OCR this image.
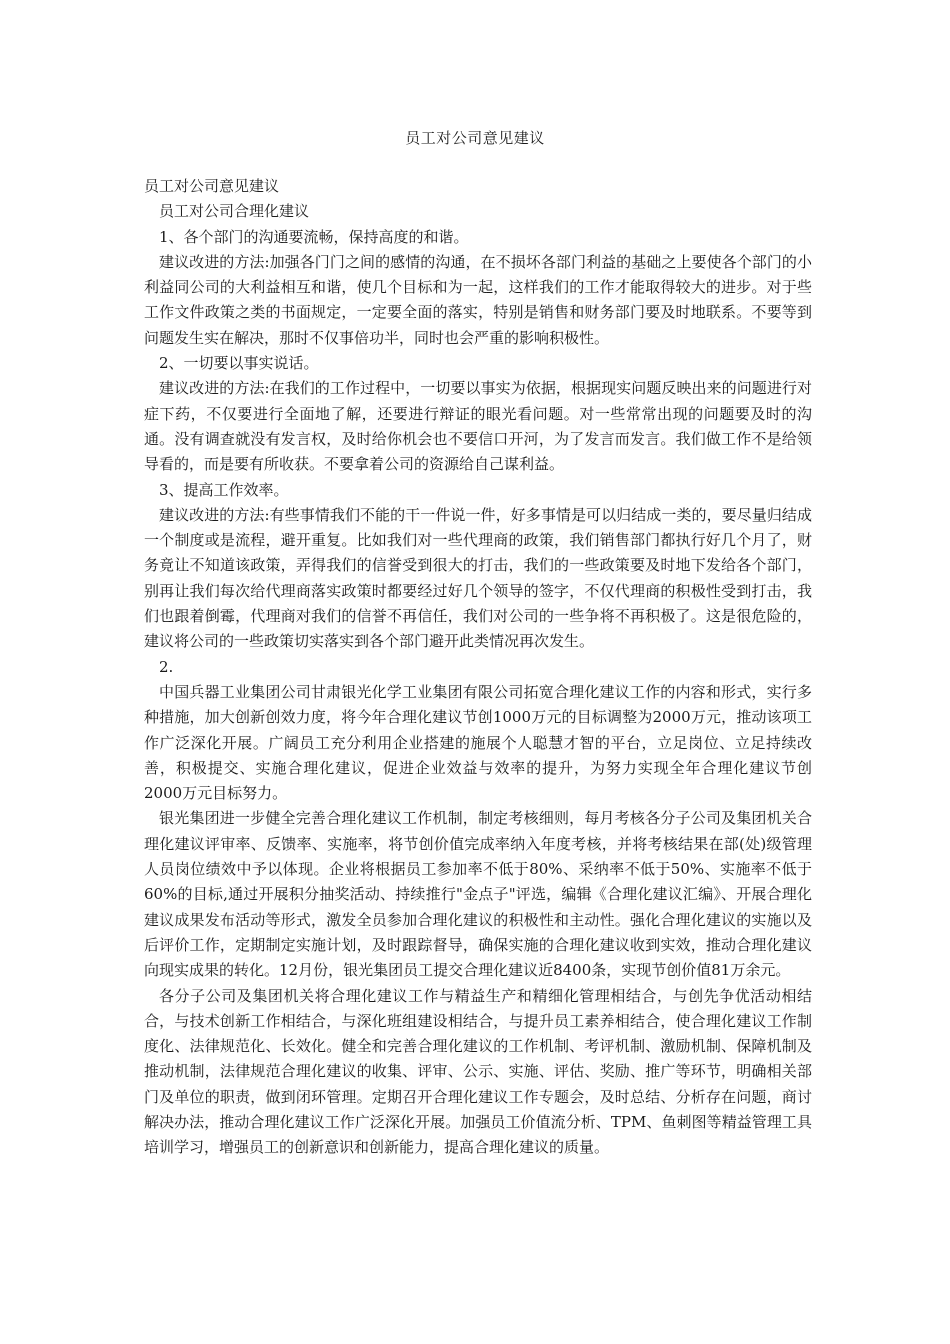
员工对公司意见建议

员工对公司意见建议

员工对公司合理化建议

1、各个部门的沟通要流畅，保持高度的和谐。

建议改进的方法:加强各门门之间的感情的沟通，在不损坏各部门利益的基础之上要使各个部门的小利益同公司的大利益相互和谐，使几个目标和为一起，这样我们的工作才能取得较大的进步。对于些工作文件政策之类的书面规定，一定要全面的落实，特别是销售和财务部门要及时地联系。不要等到问题发生实在解决，那时不仅事倍功半，同时也会严重的影响积极性。

2、一切要以事实说话。

建议改进的方法:在我们的工作过程中，一切要以事实为依据，根据现实问题反映出来的问题进行对症下药，不仅要进行全面地了解，还要进行辩证的眼光看问题。对一些常常出现的问题要及时的沟通。没有调查就没有发言权，及时给你机会也不要信口开河，为了发言而发言。我们做工作不是给领导看的，而是要有所收获。不要拿着公司的资源给自己谋利益。

3、提高工作效率。

建议改进的方法:有些事情我们不能的干一件说一件，好多事情是可以归结成一类的，要尽量归结成一个制度或是流程，避开重复。比如我们对一些代理商的政策，我们销售部门都执行好几个月了，财务竟让不知道该政策，弄得我们的信誉受到很大的打击，我们的一些政策要及时地下发给各个部门，别再让我们每次给代理商落实政策时都要经过好几个领导的签字，不仅代理商的积极性受到打击，我们也跟着倒霉，代理商对我们的信誉不再信任，我们对公司的一些争将不再积极了。这是很危险的，建议将公司的一些政策切实落实到各个部门避开此类情况再次发生。

2.

中国兵器工业集团公司甘肃银光化学工业集团有限公司拓宽合理化建议工作的内容和形式，实行多种措施，加大创新创效力度，将今年合理化建议节创1000万元的目标调整为2000万元，推动该项工作广泛深化开展。广阔员工充分利用企业搭建的施展个人聪慧才智的平台，立足岗位、立足持续改善，积极提交、实施合理化建议，促进企业效益与效率的提升，为努力实现全年合理化建议节创2000万元目标努力。

银光集团进一步健全完善合理化建议工作机制，制定考核细则，每月考核各分子公司及集团机关合理化建议评审率、反馈率、实施率，将节创价值完成率纳入年度考核，并将考核结果在部(处)级管理人员岗位绩效中予以体现。企业将根据员工参加率不低于80%、采纳率不低于50%、实施率不低于60%的目标,通过开展积分抽奖活动、持续推行"金点子"评选，编辑《合理化建议汇编》、开展合理化建议成果发布活动等形式，激发全员参加合理化建议的积极性和主动性。强化合理化建议的实施以及后评价工作，定期制定实施计划，及时跟踪督导，确保实施的合理化建议收到实效，推动合理化建议向现实成果的转化。12月份，银光集团员工提交合理化建议近8400条，实现节创价值81万余元。

各分子公司及集团机关将合理化建议工作与精益生产和精细化管理相结合，与创先争优活动相结合，与技术创新工作相结合，与深化班组建设相结合，与提升员工素养相结合，使合理化建议工作制度化、法律规范化、长效化。健全和完善合理化建议的工作机制、考评机制、激励机制、保障机制及推动机制，法律规范合理化建议的收集、评审、公示、实施、评估、奖励、推广等环节，明确相关部门及单位的职责，做到闭环管理。定期召开合理化建议工作专题会，及时总结、分析存在问题，商讨解决办法，推动合理化建议工作广泛深化开展。加强员工价值流分析、TPM、鱼刺图等精益管理工具培训学习，增强员工的创新意识和创新能力，提高合理化建议的质量。
